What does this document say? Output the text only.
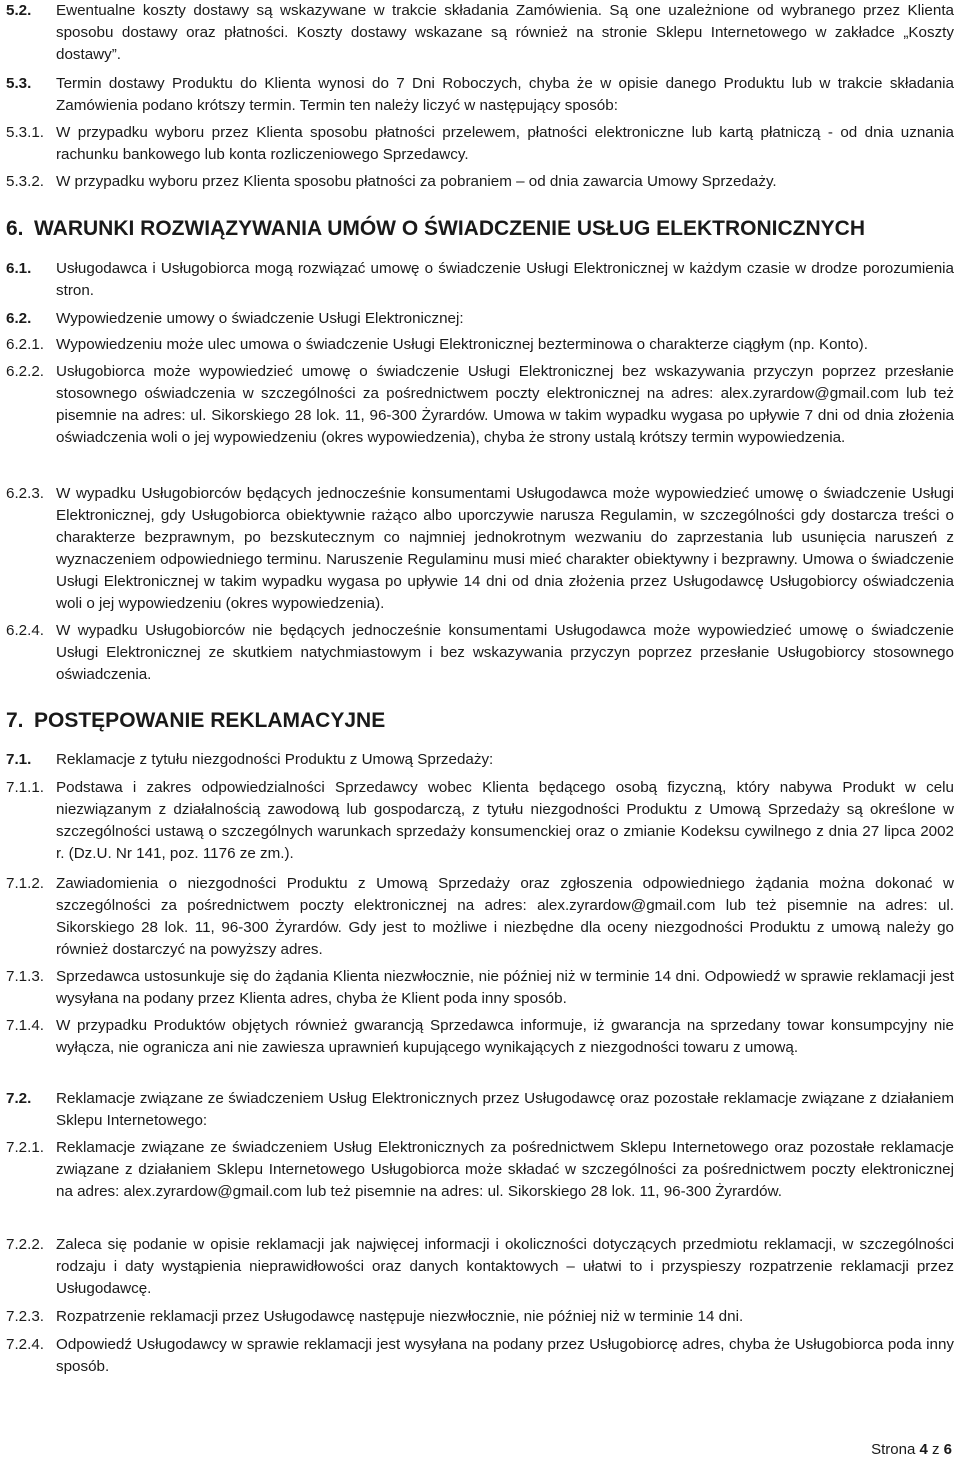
6. WARUNKI ROZWIĄZYWANIA UMÓW O ŚWIADCZENIE USŁUG ELEKTRONICZNYCH
7. POSTĘPOWANIE REKLAMACYJNE
5.2.	Ewentualne koszty dostawy są wskazywane w trakcie składania Zamówienia. Są one uzależnione od wybranego przez Klienta sposobu dostawy oraz płatności. Koszty dostawy wskazane są również na stronie Sklepu Internetowego w zakładce „Koszty dostawy”.
5.3.	Termin dostawy Produktu do Klienta wynosi do 7 Dni Roboczych, chyba że w opisie danego Produktu lub w trakcie składania Zamówienia podano krótszy termin. Termin ten należy liczyć w następujący sposób:
5.3.1. W przypadku wyboru przez Klienta sposobu płatności przelewem, płatności elektroniczne lub kartą płatniczą - od dnia uznania rachunku bankowego lub konta rozliczeniowego Sprzedawcy.
5.3.2. W przypadku wyboru przez Klienta sposobu płatności za pobraniem – od dnia zawarcia Umowy Sprzedaży.
6.1.	Usługodawca i Usługobiorca mogą rozwiązać umowę o świadczenie Usługi Elektronicznej w każdym czasie w drodze porozumienia stron.
6.2.	Wypowiedzenie umowy o świadczenie Usługi Elektronicznej:
6.2.1. Wypowiedzeniu może ulec umowa o świadczenie Usługi Elektronicznej bezterminowa o charakterze ciągłym (np. Konto).
6.2.2. Usługobiorca może wypowiedzieć umowę o świadczenie Usługi Elektronicznej bez wskazywania przyczyn poprzez przesłanie stosownego oświadczenia w szczególności za pośrednictwem poczty elektronicznej na adres: alex.zyrardow@gmail.com lub też pisemnie na adres: ul. Sikorskiego 28 lok. 11, 96-300 Żyrardów. Umowa w takim wypadku wygasa po upływie 7 dni od dnia złożenia oświadczenia woli o jej wypowiedzeniu (okres wypowiedzenia), chyba że strony ustalą krótszy termin wypowiedzenia.
6.2.3. W wypadku Usługobiorców będących jednocześnie konsumentami Usługodawca może wypowiedzieć umowę o świadczenie Usługi Elektronicznej, gdy Usługobiorca obiektywnie rażąco albo uporczywie narusza Regulamin, w szczególności gdy dostarcza treści o charakterze bezprawnym, po bezskutecznym co najmniej jednokrotnym wezwaniu do zaprzestania lub usunięcia naruszeń z wyznaczeniem odpowiedniego terminu. Naruszenie Regulaminu musi mieć charakter obiektywny i bezprawny. Umowa o świadczenie Usługi Elektronicznej w takim wypadku wygasa po upływie 14 dni od dnia złożenia przez Usługodawcę Usługobiorcy oświadczenia woli o jej wypowiedzeniu (okres wypowiedzenia).
6.2.4. W wypadku Usługobiorców nie będących jednocześnie konsumentami Usługodawca może wypowiedzieć umowę o świadczenie Usługi Elektronicznej ze skutkiem natychmiastowym i bez wskazywania przyczyn poprzez przesłanie Usługobiorcy stosownego oświadczenia.
7.1.	Reklamacje z tytułu niezgodności Produktu z Umową Sprzedaży:
7.1.1. Podstawa i zakres odpowiedzialności Sprzedawcy wobec Klienta będącego osobą fizyczną, który nabywa Produkt w celu niezwiązanym z działalnością zawodową lub gospodarczą, z tytułu niezgodności Produktu z Umową Sprzedaży są określone w szczególności ustawą o szczególnych warunkach sprzedaży konsumenckiej oraz o zmianie Kodeksu cywilnego z dnia 27 lipca 2002 r. (Dz.U. Nr 141, poz. 1176 ze zm.).
7.1.2. Zawiadomienia o niezgodności Produktu z Umową Sprzedaży oraz zgłoszenia odpowiedniego żądania można dokonać w szczególności za pośrednictwem poczty elektronicznej na adres: alex.zyrardow@gmail.com lub też pisemnie na adres: ul. Sikorskiego 28 lok. 11, 96-300 Żyrardów. Gdy jest to możliwe i niezbędne dla oceny niezgodności Produktu z umową należy go również dostarczyć na powyższy adres.
7.1.3. Sprzedawca ustosunkuje się do żądania Klienta niezwłocznie, nie później niż w terminie 14 dni. Odpowiedź w sprawie reklamacji jest wysyłana na podany przez Klienta adres, chyba że Klient poda inny sposób.
7.1.4. W przypadku Produktów objętych również gwarancją Sprzedawca informuje, iż gwarancja na sprzedany towar konsumpcyjny nie wyłącza, nie ogranicza ani nie zawiesza uprawnień kupującego wynikających z niezgodności towaru z umową.
7.2.	Reklamacje związane ze świadczeniem Usług Elektronicznych przez Usługodawcę oraz pozostałe reklamacje związane z działaniem Sklepu Internetowego:
7.2.1. Reklamacje związane ze świadczeniem Usług Elektronicznych za pośrednictwem Sklepu Internetowego oraz pozostałe reklamacje związane z działaniem Sklepu Internetowego Usługobiorca może składać w szczególności za pośrednictwem poczty elektronicznej na adres: alex.zyrardow@gmail.com lub też pisemnie na adres: ul. Sikorskiego 28 lok. 11, 96-300 Żyrardów.
7.2.2. Zaleca się podanie w opisie reklamacji jak najwięcej informacji i okoliczności dotyczących przedmiotu reklamacji, w szczególności rodzaju i daty wystąpienia nieprawidłowości oraz danych kontaktowych – ułatwi to i przyspieszy rozpatrzenie reklamacji przez Usługodawcę.
7.2.3. Rozpatrzenie reklamacji przez Usługodawcę następuje niezwłocznie, nie później niż w terminie 14 dni.
7.2.4. Odpowiedź Usługodawcy w sprawie reklamacji jest wysyłana na podany przez Usługobiorcę adres, chyba że Usługobiorca poda inny sposób.
Strona 4 z 6
